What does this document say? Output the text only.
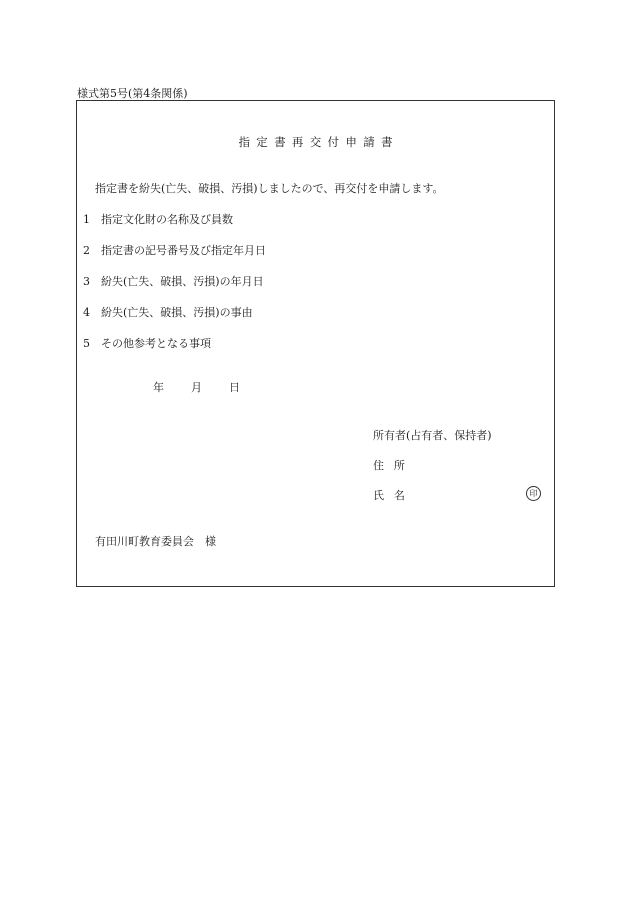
様式第5号(第4条関係)
指定書再交付申請書
指定書を紛失(亡失、破損、汚損)しましたので、再交付を申請します。
1 指定文化財の名称及び員数
2 指定書の記号番号及び指定年月日
3 紛失(亡失、破損、汚損)の年月日
4 紛失(亡失、破損、汚損)の事由
5 その他参考となる事項
年 月 日
所有者(占有者、保持者)
住所
氏名	印
有田川町教育委員会　様
